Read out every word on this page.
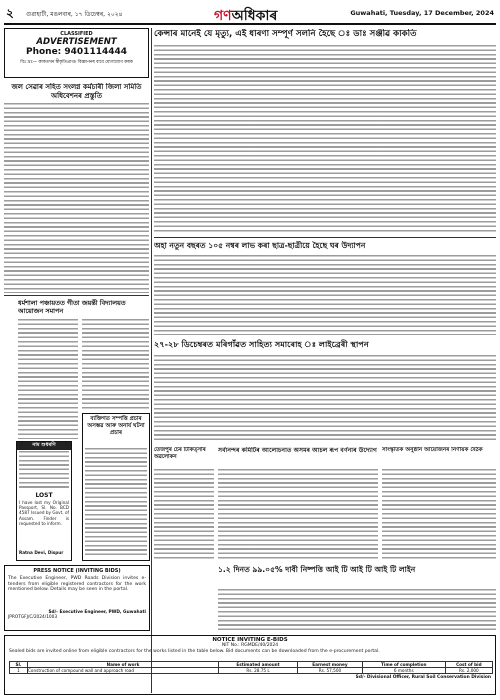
২ গুৱাহাটী, মঙলবাৰ, ১৭ ডিচেম্বৰ, ২০২৪	গণঅধিকাৰ	Guwahati, Tuesday, 17 December, 2024
CLASSIFIED
ADVERTISEMENT
Phone: 9401114444
বিঃ দ্ৰঃ— কাকতখন স্বীকৃতিপ্ৰাপ্ত। বিজ্ঞাপনৰ বাবে যোগাযোগ কৰক
জল সেৱাৰ সহিত সংলগ্ন কৰ্মচাৰী জিলা সমিতি অধিবেশনৰ প্ৰস্তুতি
কেন্সাৰ মানেই যে মৃত্যু, এই ধাৰণা সম্পূৰ্ণ সলনি হৈছে ঃ ডাঃ সঞ্জীৱ কাকতি
ধৰ্মশালা পঞ্চায়তত গীতা জয়ন্তী বিদ্যালয়ত আয়োজন সমাপন
নাম শুধৰণি
LOST
I have lost my Original Passport, Sl. No. BCD 4587 Issued by Govt. of Assam. Finder is requested to inform.
Ratna Devi, Dispur
ব্যক্তিগত সম্পত্তি প্ৰচাৰ অসম্ভৱ আৰু অনাৰ্য ঘটনা প্ৰচাৰ
অহা নতুন বছৰত ১০৫ নম্বৰ লাভ কৰা ছাত্ৰ-ছাত্ৰীয়ে হৈছে ঘৰ উদ্যাপন
২৭-২৮ ডিচেম্বৰত মৰিগাঁৱত সাহিত্য সমাৰোহ ঃ লাইব্ৰেৰী স্থাপন
তেজপুৰ চেৰ টিকিত্সাৰ অৱলোকন
সৰ্বানন্দৰ কমিটিৰ আলোচনাত অসমৰ আচল ৰূপ বৰ্ণনাৰ উদ্যোগ সাংস্কৃতিক অনুষ্ঠান আয়োজনৰ নিৰ্ণায়ক বৈঠক
PRESS NOTICE (INVITING BIDS)
The Executive Engineer, PWD Roads Division invites e-tenders from eligible registered contractors for the work mentioned below. Details may be seen in the portal.
Sd/- Executive Engineer, PWD, Guwahati
JPROTGFJ/C/2024/1003
১.২ দিনত ৯৯.০৫% দাবী নিষ্পত্তি আই টি আই টি আই টি লাইন
NOTICE INVITING E-BIDS
NIT No.: RGMDE/40/2024
Sealed bids are invited online from eligible contractors for the works listed in the table below. Bid documents can be downloaded from the e-procurement portal.
Sl.	Name of work	Estimated amount	Earnest money	Time of completion	Cost of bid
1	Construction of compound wall and approach road	Rs. 28.75 L	Rs. 57,500	6 months	Rs. 2,000
Sd/- Divisional Officer, Rural Soil Conservation Division
